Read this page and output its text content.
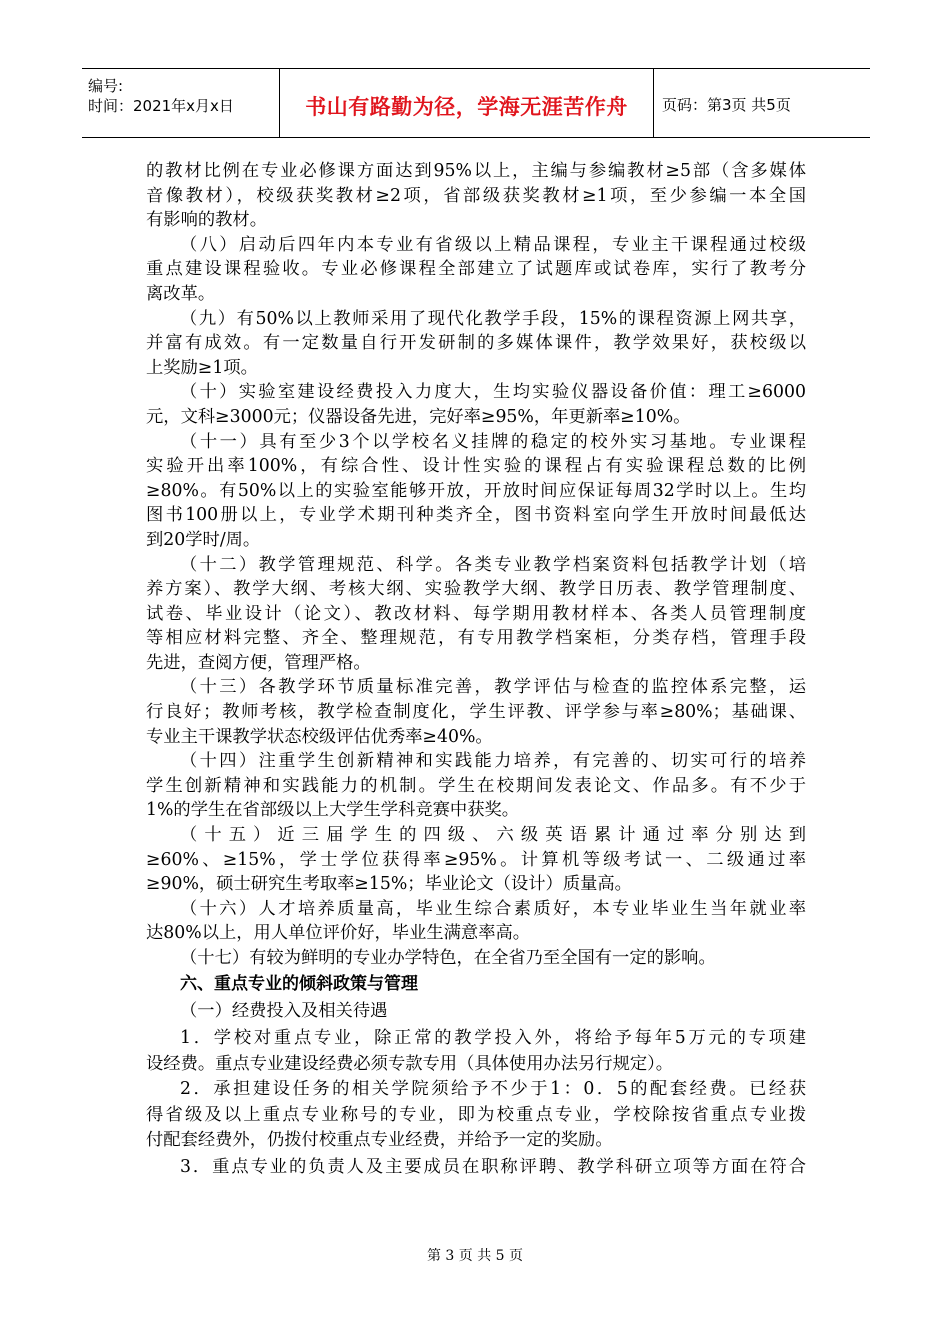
编号:
时间：2021年x月x日	书山有路勤为径，学海无涯苦作舟	页码：第3页 共5页
的教材比例在专业必修课方面达到95%以上，主编与参编教材≥5部（含多媒体
音像教材），校级获奖教材≥2项，省部级获奖教材≥1项，至少参编一本全国
有影响的教材。
（八）启动后四年内本专业有省级以上精品课程，专业主干课程通过校级
重点建设课程验收。专业必修课程全部建立了试题库或试卷库，实行了教考分
离改革。
（九）有50%以上教师采用了现代化教学手段，15%的课程资源上网共享，
并富有成效。有一定数量自行开发研制的多媒体课件，教学效果好，获校级以
上奖励≥1项。
（十）实验室建设经费投入力度大，生均实验仪器设备价值：理工≥6000
元，文科≥3000元；仪器设备先进，完好率≥95%，年更新率≥10%。
（十一）具有至少3个以学校名义挂牌的稳定的校外实习基地。专业课程
实验开出率100%，有综合性、设计性实验的课程占有实验课程总数的比例
≥80%。有50%以上的实验室能够开放，开放时间应保证每周32学时以上。生均
图书100册以上，专业学术期刊种类齐全，图书资料室向学生开放时间最低达
到20学时/周。
（十二）教学管理规范、科学。各类专业教学档案资料包括教学计划（培
养方案）、教学大纲、考核大纲、实验教学大纲、教学日历表、教学管理制度、
试卷、毕业设计（论文）、教改材料、每学期用教材样本、各类人员管理制度
等相应材料完整、齐全、整理规范，有专用教学档案柜，分类存档，管理手段
先进，查阅方便，管理严格。
（十三）各教学环节质量标准完善，教学评估与检查的监控体系完整，运
行良好；教师考核，教学检查制度化，学生评教、评学参与率≥80%；基础课、
专业主干课教学状态校级评估优秀率≥40%。
（十四）注重学生创新精神和实践能力培养，有完善的、切实可行的培养
学生创新精神和实践能力的机制。学生在校期间发表论文、作品多。有不少于
1%的学生在省部级以上大学生学科竞赛中获奖。
（十五）近三届学生的四级、六级英语累计通过率分别达到
≥60%、≥15%，学士学位获得率≥95%。计算机等级考试一、二级通过率
≥90%，硕士研究生考取率≥15%；毕业论文（设计）质量高。
（十六）人才培养质量高，毕业生综合素质好，本专业毕业生当年就业率
达80%以上，用人单位评价好，毕业生满意率高。
（十七）有较为鲜明的专业办学特色，在全省乃至全国有一定的影响。
六、重点专业的倾斜政策与管理
（一）经费投入及相关待遇
1．学校对重点专业，除正常的教学投入外，将给予每年5万元的专项建
设经费。重点专业建设经费必须专款专用（具体使用办法另行规定）。
2．承担建设任务的相关学院须给予不少于1：0．5的配套经费。已经获
得省级及以上重点专业称号的专业，即为校重点专业，学校除按省重点专业拨
付配套经费外，仍拨付校重点专业经费，并给予一定的奖励。
3．重点专业的负责人及主要成员在职称评聘、教学科研立项等方面在符合
第 3 页 共 5 页
